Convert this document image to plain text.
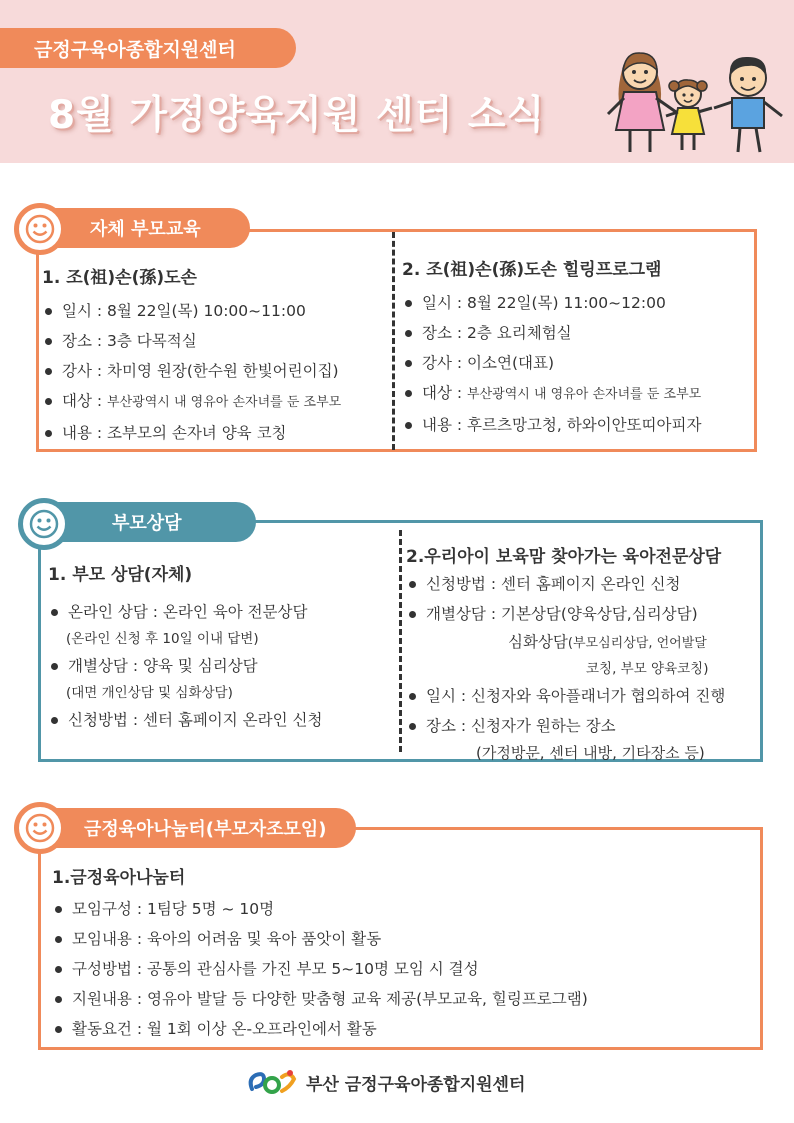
금정구육아종합지원센터
8월 가정양육지원 센터 소식
자체 부모교육
1. 조(祖)손(孫)도손
일시 : 8월 22일(목) 10:00~11:00
장소 : 3층 다목적실
강사 : 차미영 원장(한수원 한빛어린이집)
대상 : 부산광역시 내 영유아 손자녀를 둔 조부모
내용 : 조부모의 손자녀 양육 코칭
2. 조(祖)손(孫)도손 힐링프로그램
일시 : 8월 22일(목) 11:00~12:00
장소 : 2층 요리체험실
강사 : 이소연(대표)
대상 : 부산광역시 내 영유아 손자녀를 둔 조부모
내용 : 후르츠망고청, 하와이안또띠아피자
부모상담
1. 부모 상담(자체)
온라인 상담 : 온라인 육아 전문상담
(온라인 신청 후 10일 이내 답변)
개별상담 : 양육 및 심리상담
(대면 개인상담 및 심화상담)
신청방법 : 센터 홈페이지 온라인 신청
2.우리아이 보육맘 찾아가는 육아전문상담
신청방법 : 센터 홈페이지 온라인 신청
개별상담 : 기본상담(양육상담,심리상담)
심화상담(부모심리상담, 언어발달
코칭, 부모 양육코칭)
일시 : 신청자와 육아플래너가 협의하여 진행
장소 : 신청자가 원하는 장소
(가정방문, 센터 내방, 기타장소 등)
금정육아나눔터(부모자조모임)
1.금정육아나눔터
모임구성 : 1팀당 5명 ~ 10명
모임내용 : 육아의 어려움 및 육아 품앗이 활동
구성방법 : 공통의 관심사를 가진 부모 5~10명 모임 시 결성
지원내용 : 영유아 발달 등 다양한 맞춤형 교육 제공(부모교육, 힐링프로그램)
활동요건 : 월 1회 이상 온-오프라인에서 활동
부산 금정구육아종합지원센터
